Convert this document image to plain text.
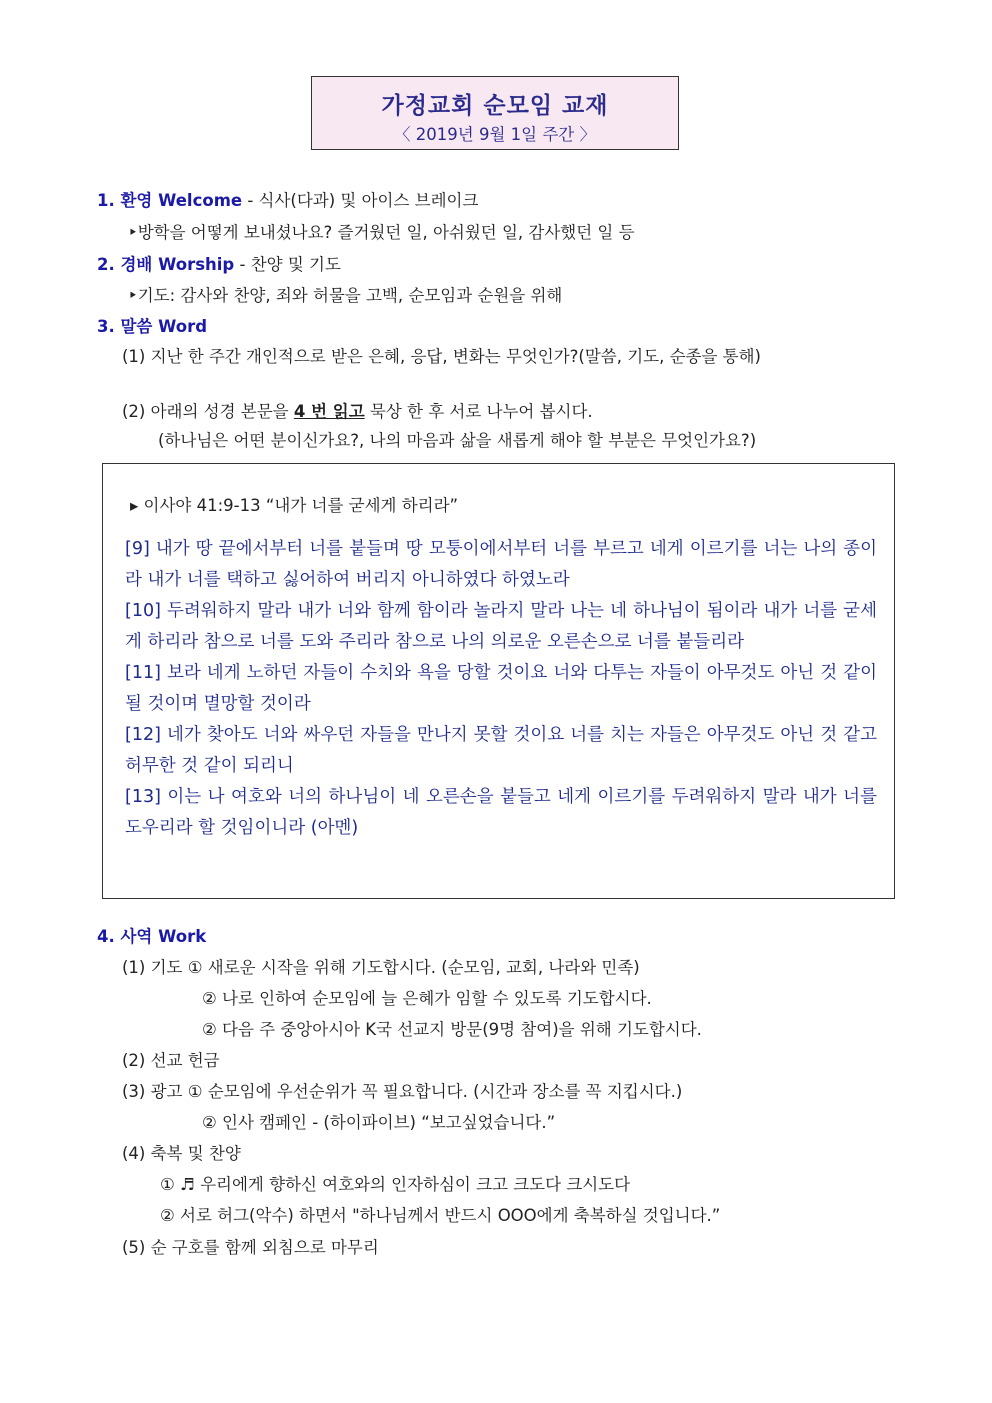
가정교회 순모임 교재
〈 2019년 9월 1일 주간 〉
1. 환영 Welcome - 식사(다과) 및 아이스 브레이크
‣방학을 어떻게 보내셨나요? 즐거웠던 일, 아쉬웠던 일, 감사했던 일 등
2. 경배 Worship - 찬양 및 기도
‣기도: 감사와 찬양, 죄와 허물을 고백, 순모임과 순원을 위해
3. 말씀 Word
(1) 지난 한 주간 개인적으로 받은 은혜, 응답, 변화는 무엇인가?(말씀, 기도, 순종을 통해)
(2) 아래의 성경 본문을 4 번 읽고 묵상 한 후 서로 나누어 봅시다.
(하나님은 어떤 분이신가요?, 나의 마음과 삶을 새롭게 해야 할 부분은 무엇인가요?)
▸ 이사야 41:9-13 “내가 너를 굳세게 하리라”

[9] 내가 땅 끝에서부터 너를 붙들며 땅 모퉁이에서부터 너를 부르고 네게 이르기를 너는 나의 종이라 내가 너를 택하고 싫어하여 버리지 아니하였다 하였노라

[10] 두려워하지 말라 내가 너와 함께 함이라 놀라지 말라 나는 네 하나님이 됨이라 내가 너를 굳세게 하리라 참으로 너를 도와 주리라 참으로 나의 의로운 오른손으로 너를 붙들리라

[11] 보라 네게 노하던 자들이 수치와 욕을 당할 것이요 너와 다투는 자들이 아무것도 아닌 것 같이 될 것이며 멸망할 것이라

[12] 네가 찾아도 너와 싸우던 자들을 만나지 못할 것이요 너를 치는 자들은 아무것도 아닌 것 같고 허무한 것 같이 되리니

[13] 이는 나 여호와 너의 하나님이 네 오른손을 붙들고 네게 이르기를 두려워하지 말라 내가 너를 도우리라 할 것임이니라 (아멘)

4. 사역 Work
(1) 기도 ① 새로운 시작을 위해 기도합시다. (순모임, 교회, 나라와 민족)
② 나로 인하여 순모임에 늘 은혜가 임할 수 있도록 기도합시다.
② 다음 주 중앙아시아 K국 선교지 방문(9명 참여)을 위해 기도합시다.
(2) 선교 헌금
(3) 광고 ① 순모임에 우선순위가 꼭 필요합니다. (시간과 장소를 꼭 지킵시다.)
② 인사 캠페인 - (하이파이브) “보고싶었습니다.”
(4) 축복 및 찬양
① ♬ 우리에게 향하신 여호와의 인자하심이 크고 크도다 크시도다
② 서로 허그(악수) 하면서 "하나님께서 반드시 OOO에게 축복하실 것입니다.”
(5) 순 구호를 함께 외침으로 마무리
